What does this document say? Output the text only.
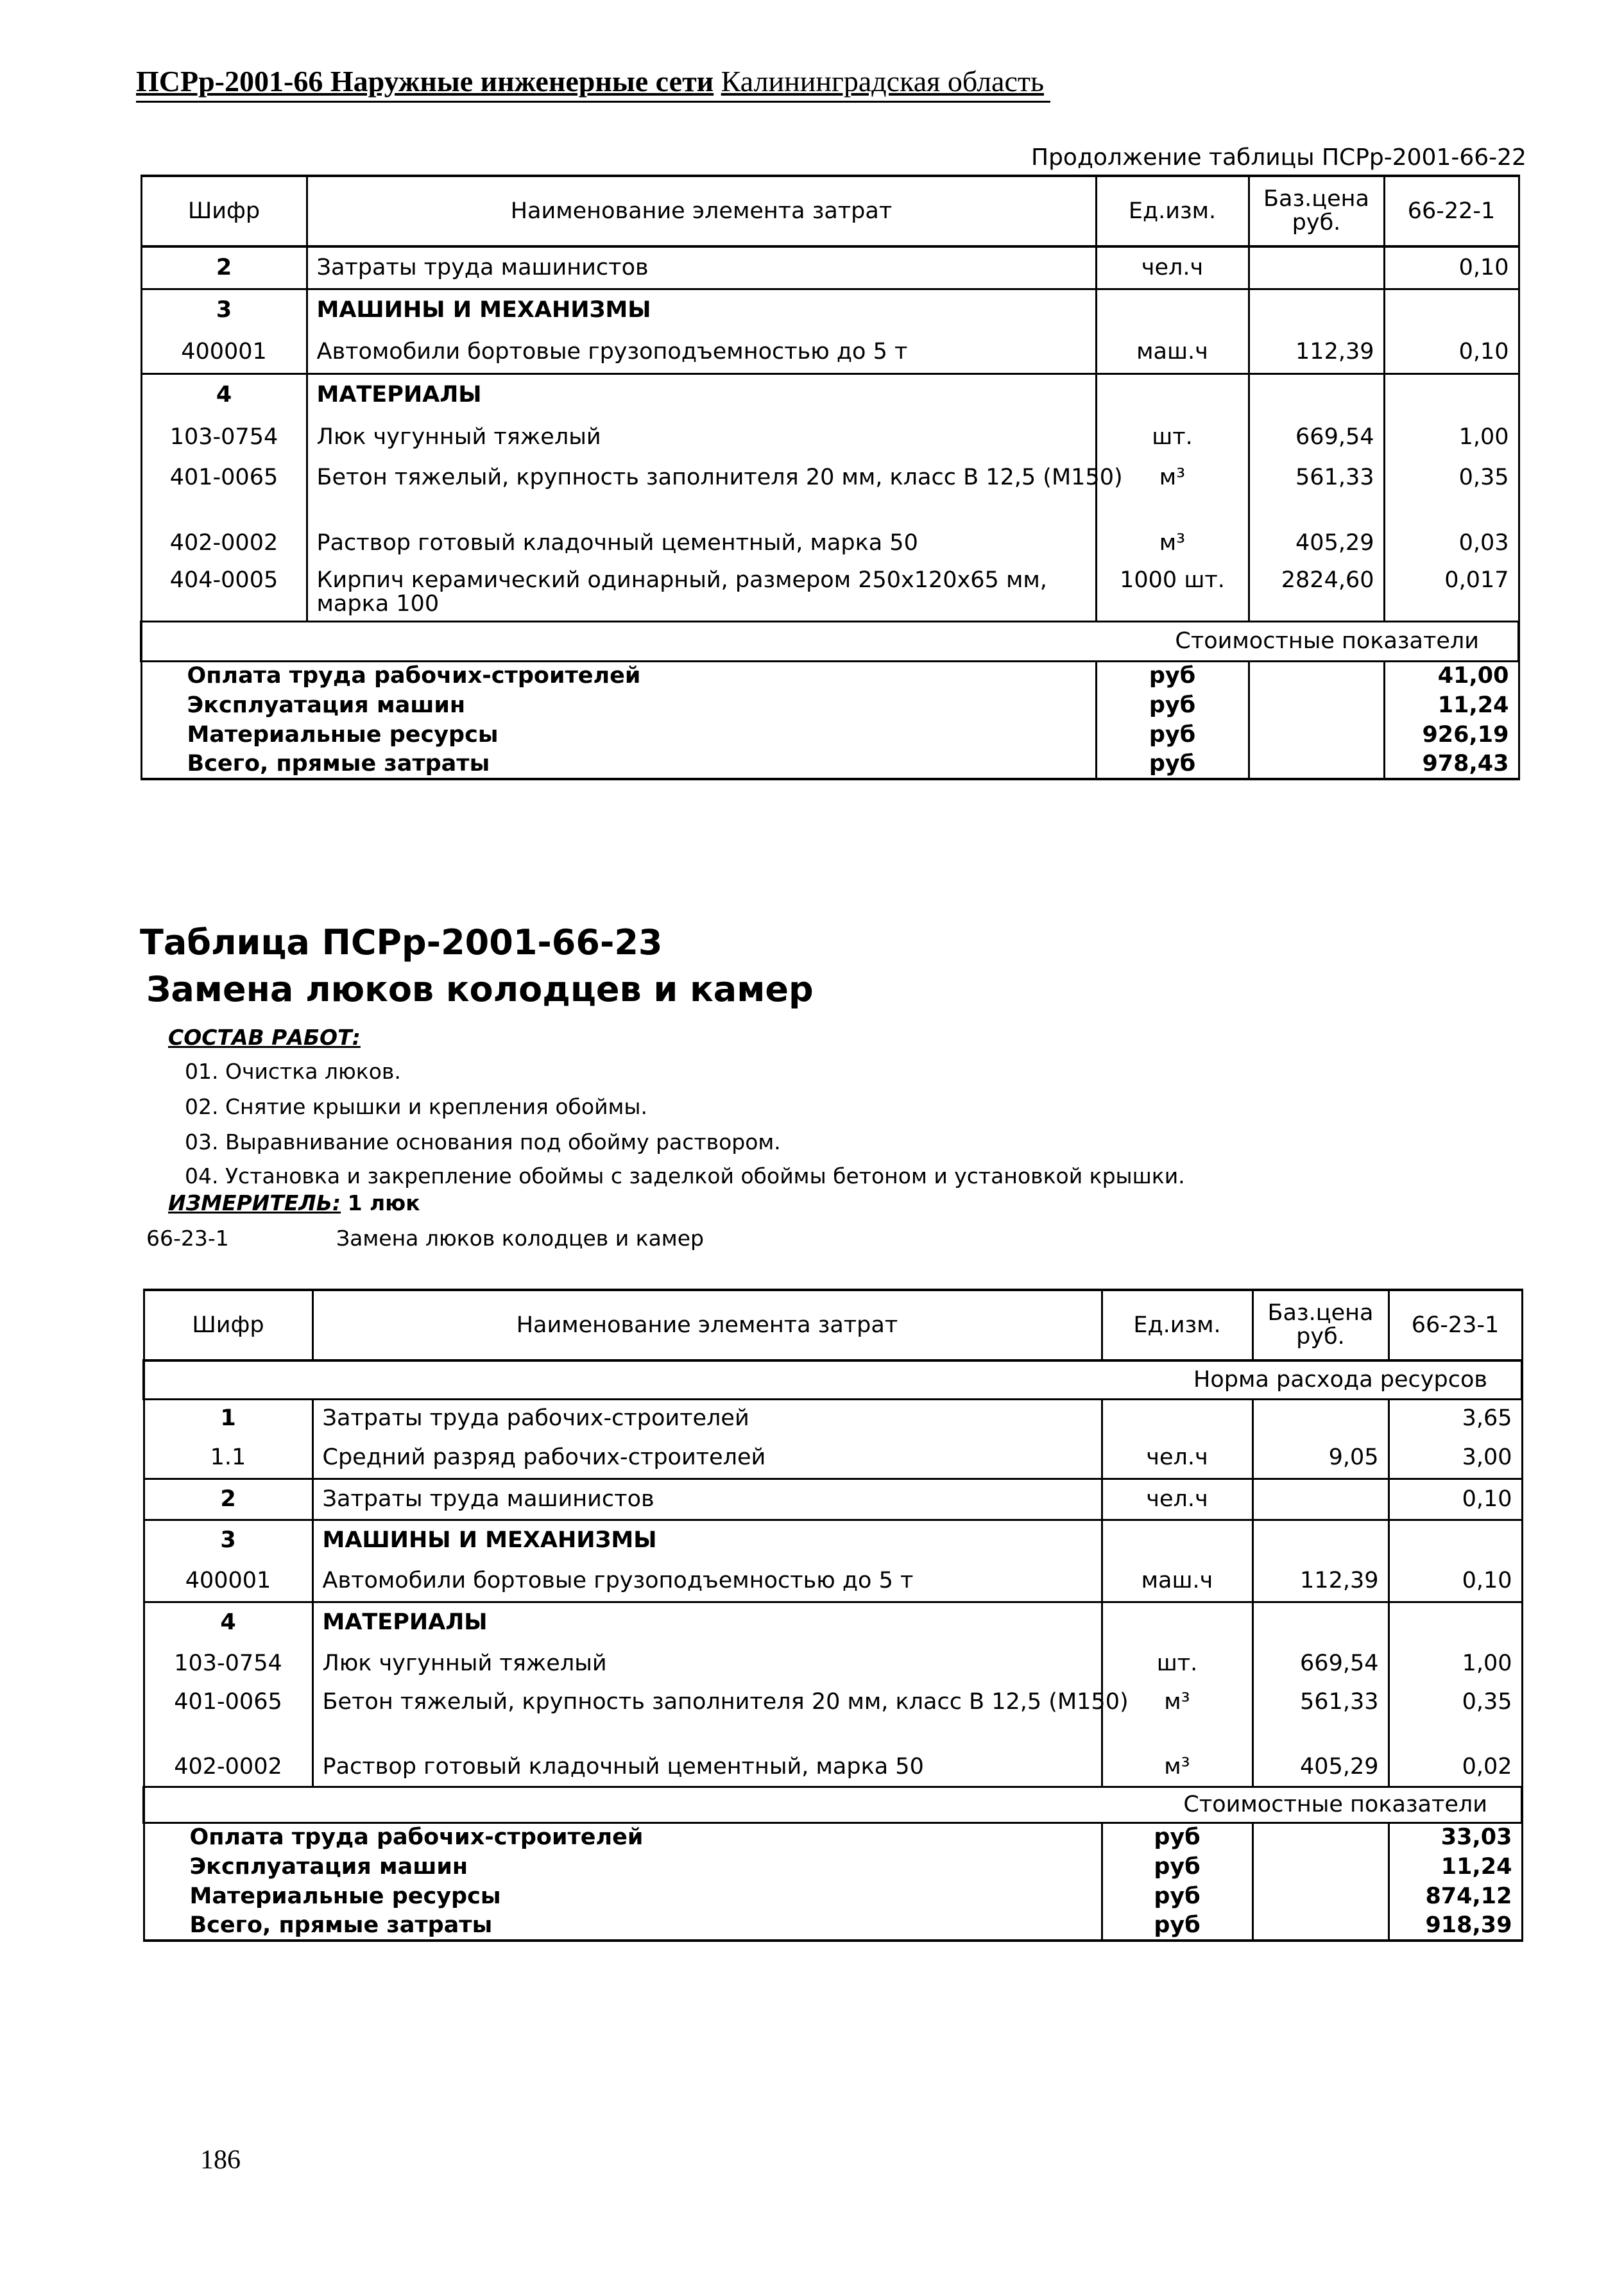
ПСРр-2001-66 Наружные инженерные сети Калининградская область
Продолжение таблицы ПСРр-2001-66-22
Шифр	Наименование элемента затрат	Ед.изм.	Баз.цена руб.	66-22-1
2	Затраты труда машинистов	чел.ч		0,10
3	МАШИНЫ И МЕХАНИЗМЫ			
400001	Автомобили бортовые грузоподъемностью до 5 т	маш.ч	112,39	0,10
4	МАТЕРИАЛЫ			
103-0754	Люк чугунный тяжелый	шт.	669,54	1,00
401-0065	Бетон тяжелый, крупность заполнителя 20 мм, класс В 12,5 (М150)	м³	561,33	0,35
402-0002	Раствор готовый кладочный цементный, марка 50	м³	405,29	0,03
404-0005	Кирпич керамический одинарный, размером 250х120х65 мм, марка 100	1000 шт.	2824,60	0,017
Стоимостные показатели				
Оплата труда рабочих-строителей		руб		41,00
Эксплуатация машин		руб		11,24
Материальные ресурсы		руб		926,19
Всего, прямые затраты		руб		978,43
Таблица ПСРр-2001-66-23
Замена люков колодцев и камер
СОСТАВ РАБОТ:
01. Очистка люков.
02. Снятие крышки и крепления обоймы.
03. Выравнивание основания под обойму раствором.
04. Установка и закрепление обоймы с заделкой обоймы бетоном и установкой крышки.
ИЗМЕРИТЕЛЬ: 1 люк
66-23-1	Замена люков колодцев и камер
Шифр	Наименование элемента затрат	Ед.изм.	Баз.цена руб.	66-23-1
Норма расхода ресурсов				
1	Затраты труда рабочих-строителей			3,65
1.1	Средний разряд рабочих-строителей	чел.ч	9,05	3,00
2	Затраты труда машинистов	чел.ч		0,10
3	МАШИНЫ И МЕХАНИЗМЫ			
400001	Автомобили бортовые грузоподъемностью до 5 т	маш.ч	112,39	0,10
4	МАТЕРИАЛЫ			
103-0754	Люк чугунный тяжелый	шт.	669,54	1,00
401-0065	Бетон тяжелый, крупность заполнителя 20 мм, класс В 12,5 (М150)	м³	561,33	0,35
402-0002	Раствор готовый кладочный цементный, марка 50	м³	405,29	0,02
Стоимостные показатели				
Оплата труда рабочих-строителей		руб		33,03
Эксплуатация машин		руб		11,24
Материальные ресурсы		руб		874,12
Всего, прямые затраты		руб		918,39
186
